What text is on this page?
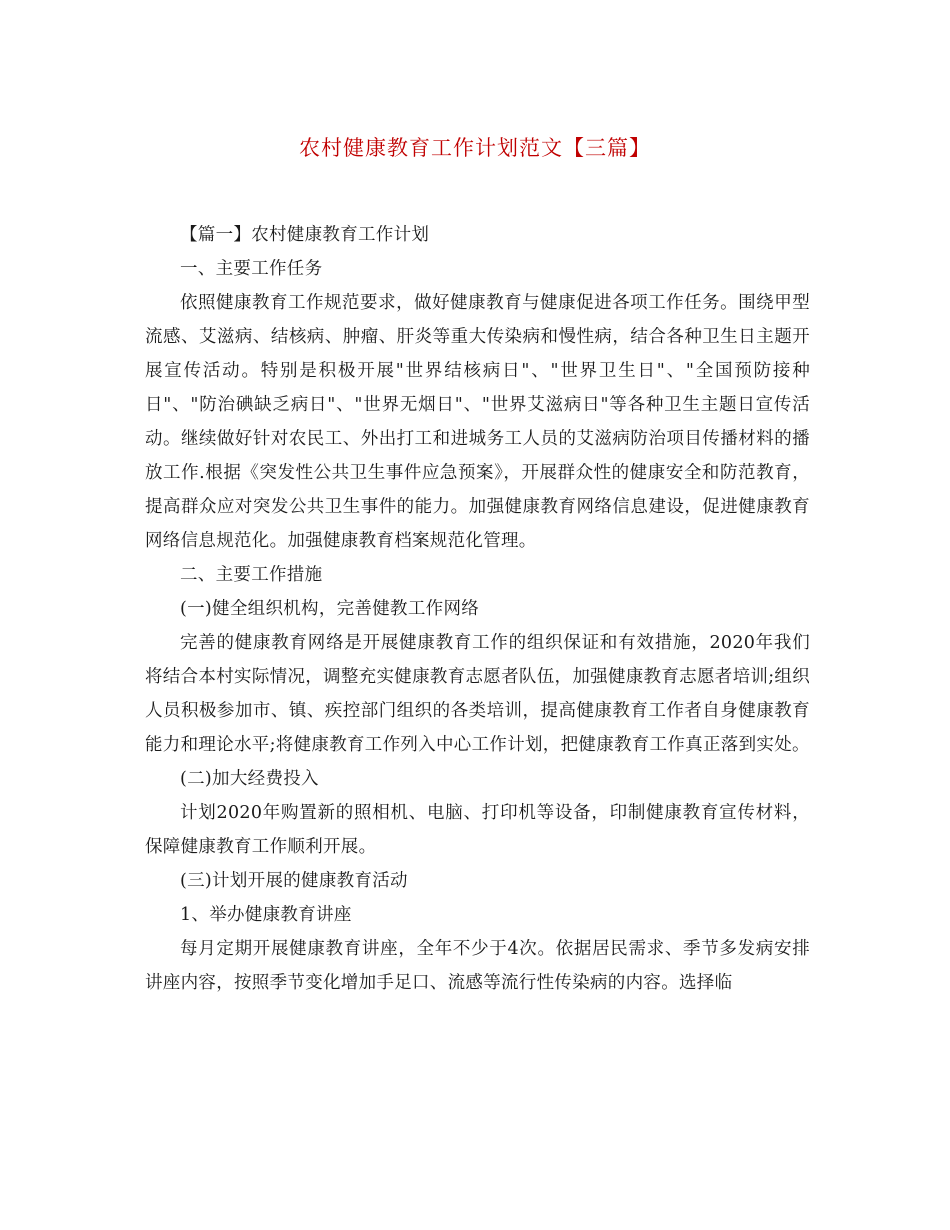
农村健康教育工作计划范文【三篇】

【篇一】农村健康教育工作计划

一、主要工作任务

依照健康教育工作规范要求，做好健康教育与健康促进各项工作任务。围绕甲型流感、艾滋病、结核病、肿瘤、肝炎等重大传染病和慢性病，结合各种卫生日主题开展宣传活动。特别是积极开展"世界结核病日"、"世界卫生日"、"全国预防接种日"、"防治碘缺乏病日"、"世界无烟日"、"世界艾滋病日"等各种卫生主题日宣传活动。继续做好针对农民工、外出打工和进城务工人员的艾滋病防治项目传播材料的播放工作.根据《突发性公共卫生事件应急预案》，开展群众性的健康安全和防范教育，提高群众应对突发公共卫生事件的能力。加强健康教育网络信息建设，促进健康教育网络信息规范化。加强健康教育档案规范化管理。

二、主要工作措施

(一)健全组织机构，完善健教工作网络

完善的健康教育网络是开展健康教育工作的组织保证和有效措施，2020年我们将结合本村实际情况，调整充实健康教育志愿者队伍，加强健康教育志愿者培训;组织人员积极参加市、镇、疾控部门组织的各类培训，提高健康教育工作者自身健康教育能力和理论水平;将健康教育工作列入中心工作计划，把健康教育工作真正落到实处。

(二)加大经费投入

计划2020年购置新的照相机、电脑、打印机等设备，印制健康教育宣传材料，保障健康教育工作顺利开展。

(三)计划开展的健康教育活动

1、举办健康教育讲座

每月定期开展健康教育讲座，全年不少于4次。依据居民需求、季节多发病安排讲座内容，按照季节变化增加手足口、流感等流行性传染病的内容。选择临
